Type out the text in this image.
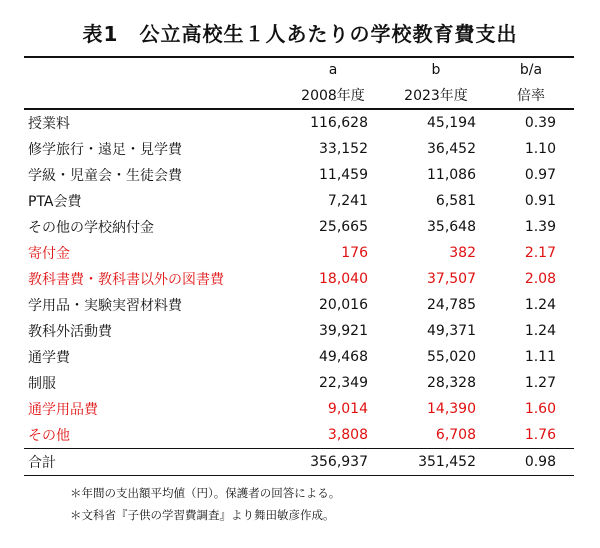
表1　公立高校生１人あたりの学校教育費支出
	a	b	b/a
	2008年度	2023年度	倍率
授業料	116,628	45,194	0.39
修学旅行・遠足・見学費	33,152	36,452	1.10
学級・児童会・生徒会費	11,459	11,086	0.97
PTA会費	7,241	6,581	0.91
その他の学校納付金	25,665	35,648	1.39
寄付金	176	382	2.17
教科書費・教科書以外の図書費	18,040	37,507	2.08
学用品・実験実習材料費	20,016	24,785	1.24
教科外活動費	39,921	49,371	1.24
通学費	49,468	55,020	1.11
制服	22,349	28,328	1.27
通学用品費	9,014	14,390	1.60
その他	3,808	6,708	1.76
合計	356,937	351,452	0.98
＊年間の支出額平均値（円）。保護者の回答による。
＊文科省『子供の学習費調査』より舞田敏彦作成。
